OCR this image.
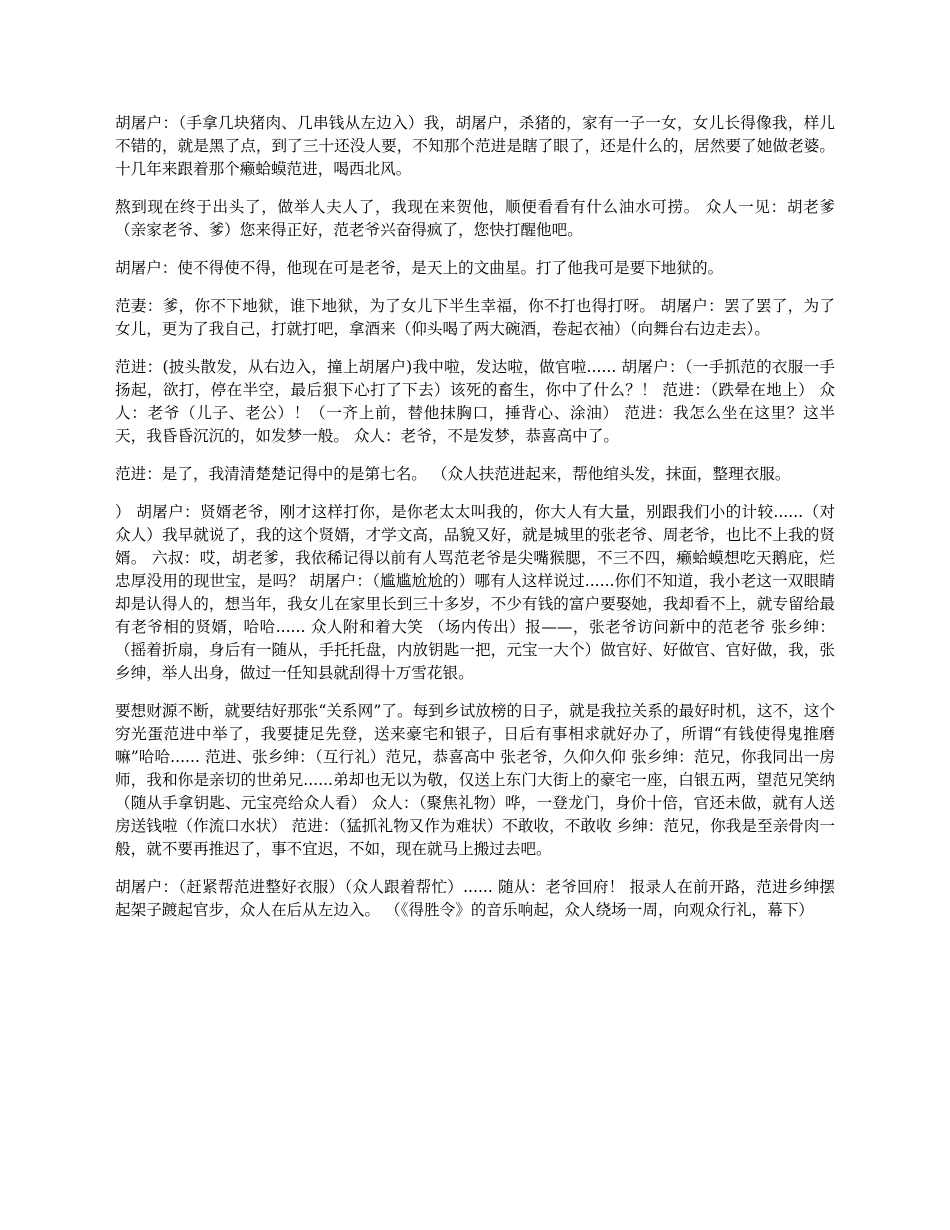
胡屠户：（手拿几块猪肉、几串钱从左边入）我，胡屠户，杀猪的，家有一子一女，女儿长得像我，样儿不错的，就是黑了点，到了三十还没人要，不知那个范进是瞎了眼了，还是什么的，居然要了她做老婆。十几年来跟着那个癞蛤蟆范进，喝西北风。

熬到现在终于出头了，做举人夫人了，我现在来贺他，顺便看看有什么油水可捞。 众人一见：胡老爹（亲家老爷、爹）您来得正好，范老爷兴奋得疯了，您快打醒他吧。

胡屠户：使不得使不得，他现在可是老爷，是天上的文曲星。打了他我可是要下地狱的。

范妻：爹，你不下地狱，谁下地狱，为了女儿下半生幸福，你不打也得打呀。 胡屠户：罢了罢了，为了女儿，更为了我自己，打就打吧，拿酒来（仰头喝了两大碗酒，卷起衣袖）（向舞台右边走去）。

范进：(披头散发，从右边入，撞上胡屠户)我中啦，发达啦，做官啦...... 胡屠户：（一手抓范的衣服一手扬起，欲打，停在半空，最后狠下心打了下去）该死的畜生，你中了什么？！ 范进：（跌晕在地上） 众人：老爷（儿子、老公）！（一齐上前，替他抹胸口，捶背心、涂油） 范进：我怎么坐在这里？这半天，我昏昏沉沉的，如发梦一般。 众人：老爷，不是发梦，恭喜高中了。

范进：是了，我清清楚楚记得中的是第七名。 （众人扶范进起来，帮他绾头发，抹面，整理衣服。

） 胡屠户：贤婿老爷，刚才这样打你，是你老太太叫我的，你大人有大量，别跟我们小的计较......（对众人）我早就说了，我的这个贤婿，才学文高，品貌又好，就是城里的张老爷、周老爷，也比不上我的贤婿。 六叔：哎，胡老爹，我依稀记得以前有人骂范老爷是尖嘴猴腮，不三不四，癞蛤蟆想吃天鹅庇，烂忠厚没用的现世宝，是吗？ 胡屠户：（尴尴尬尬的）哪有人这样说过......你们不知道，我小老这一双眼睛却是认得人的，想当年，我女儿在家里长到三十多岁，不少有钱的富户要娶她，我却看不上，就专留给最有老爷相的贤婿，哈哈...... 众人附和着大笑 （场内传出）报——，张老爷访问新中的范老爷 张乡绅：（摇着折扇，身后有一随从，手托托盘，内放钥匙一把，元宝一大个）做官好、好做官、官好做，我，张乡绅，举人出身，做过一任知县就刮得十万雪花银。

要想财源不断，就要结好那张“关系网”了。每到乡试放榜的日子，就是我拉关系的最好时机，这不，这个穷光蛋范进中举了，我要捷足先登，送来豪宅和银子，日后有事相求就好办了，所谓“有钱使得鬼推磨嘛”哈哈...... 范进、张乡绅：（互行礼）范兄，恭喜高中 张老爷，久仰久仰 张乡绅：范兄，你我同出一房师，我和你是亲切的世弟兄......弟却也无以为敬，仅送上东门大街上的豪宅一座，白银五两，望范兄笑纳（随从手拿钥匙、元宝亮给众人看） 众人：（聚焦礼物）哗，一登龙门，身价十倍，官还未做，就有人送房送钱啦（作流口水状） 范进：（猛抓礼物又作为难状）不敢收，不敢收 乡绅：范兄，你我是至亲骨肉一般，就不要再推迟了，事不宜迟，不如，现在就马上搬过去吧。

胡屠户：（赶紧帮范进整好衣服）（众人跟着帮忙）...... 随从：老爷回府！ 报录人在前开路，范进乡绅摆起架子踱起官步，众人在后从左边入。 （《得胜令》的音乐响起，众人绕场一周，向观众行礼，幕下）
